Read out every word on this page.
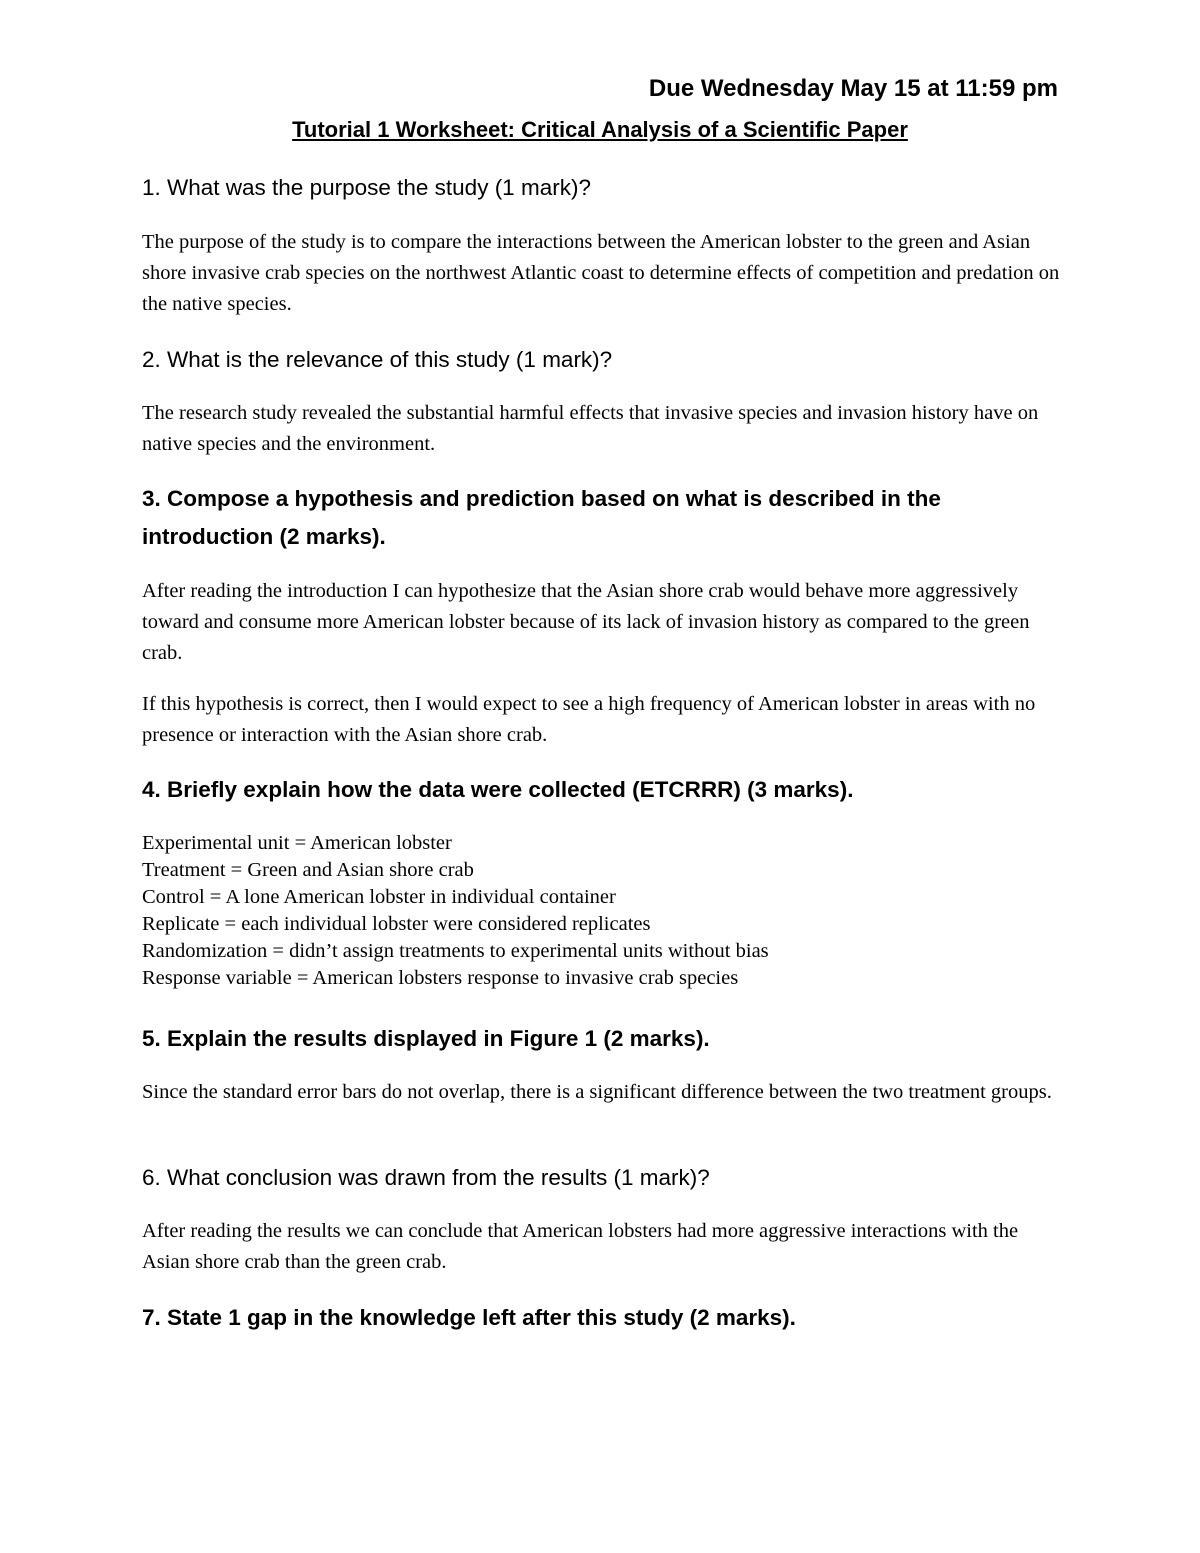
Due Wednesday May 15 at 11:59 pm
Tutorial 1 Worksheet: Critical Analysis of a Scientific Paper

1. What was the purpose the study (1 mark)?

The purpose of the study is to compare the interactions between the American lobster to the green and Asian shore invasive crab species on the northwest Atlantic coast to determine effects of competition and predation on the native species.

2. What is the relevance of this study (1 mark)?

The research study revealed the substantial harmful effects that invasive species and invasion history have on native species and the environment.

3. Compose a hypothesis and prediction based on what is described in the introduction (2 marks).

After reading the introduction I can hypothesize that the Asian shore crab would behave more aggressively toward and consume more American lobster because of its lack of invasion history as compared to the green crab.

If this hypothesis is correct, then I would expect to see a high frequency of American lobster in areas with no presence or interaction with the Asian shore crab.

4. Briefly explain how the data were collected (ETCRRR) (3 marks).

Experimental unit = American lobster
Treatment = Green and Asian shore crab
Control = A lone American lobster in individual container
Replicate = each individual lobster were considered replicates
Randomization = didn’t assign treatments to experimental units without bias
Response variable = American lobsters response to invasive crab species

5. Explain the results displayed in Figure 1 (2 marks).

Since the standard error bars do not overlap, there is a significant difference between the two treatment groups.

6. What conclusion was drawn from the results (1 mark)?

After reading the results we can conclude that American lobsters had more aggressive interactions with the Asian shore crab than the green crab.

7. State 1 gap in the knowledge left after this study (2 marks).
